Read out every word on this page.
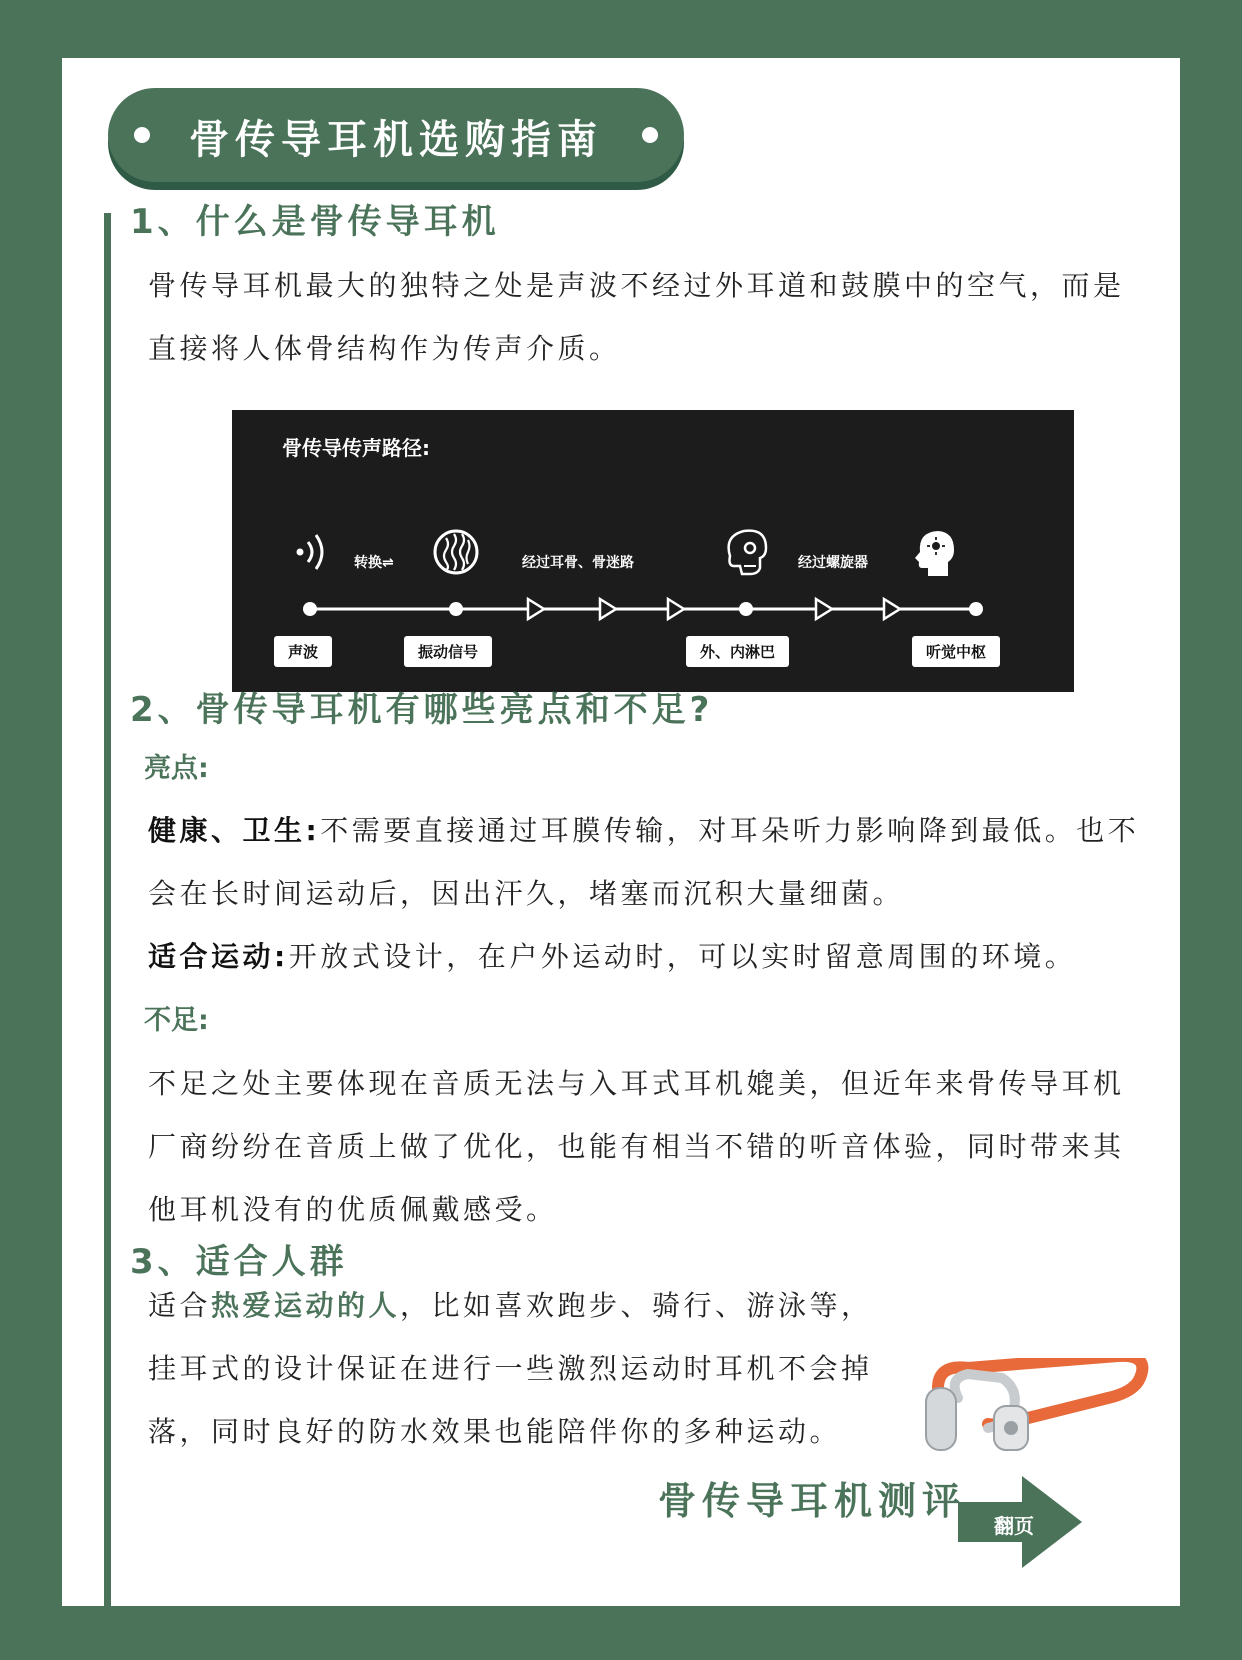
骨传导耳机选购指南
1、什么是骨传导耳机

骨传导耳机最大的独特之处是声波不经过外耳道和鼓膜中的空气，而是直接将人体骨结构作为传声介质。

骨传导传声路径:
转换⇌	经过耳骨、骨迷路	经过螺旋器
声波	振动信号	外、内淋巴	听觉中枢
2、骨传导耳机有哪些亮点和不足?

亮点:

健康、卫生:不需要直接通过耳膜传输，对耳朵听力影响降到最低。也不会在长时间运动后，因出汗久，堵塞而沉积大量细菌。

适合运动:开放式设计，在户外运动时，可以实时留意周围的环境。

不足:

不足之处主要体现在音质无法与入耳式耳机媲美，但近年来骨传导耳机厂商纷纷在音质上做了优化，也能有相当不错的听音体验，同时带来其他耳机没有的优质佩戴感受。

3、适合人群

适合热爱运动的人，比如喜欢跑步、骑行、游泳等，
挂耳式的设计保证在进行一些激烈运动时耳机不会掉
落，同时良好的防水效果也能陪伴你的多种运动。

骨传导耳机测评
翻页
